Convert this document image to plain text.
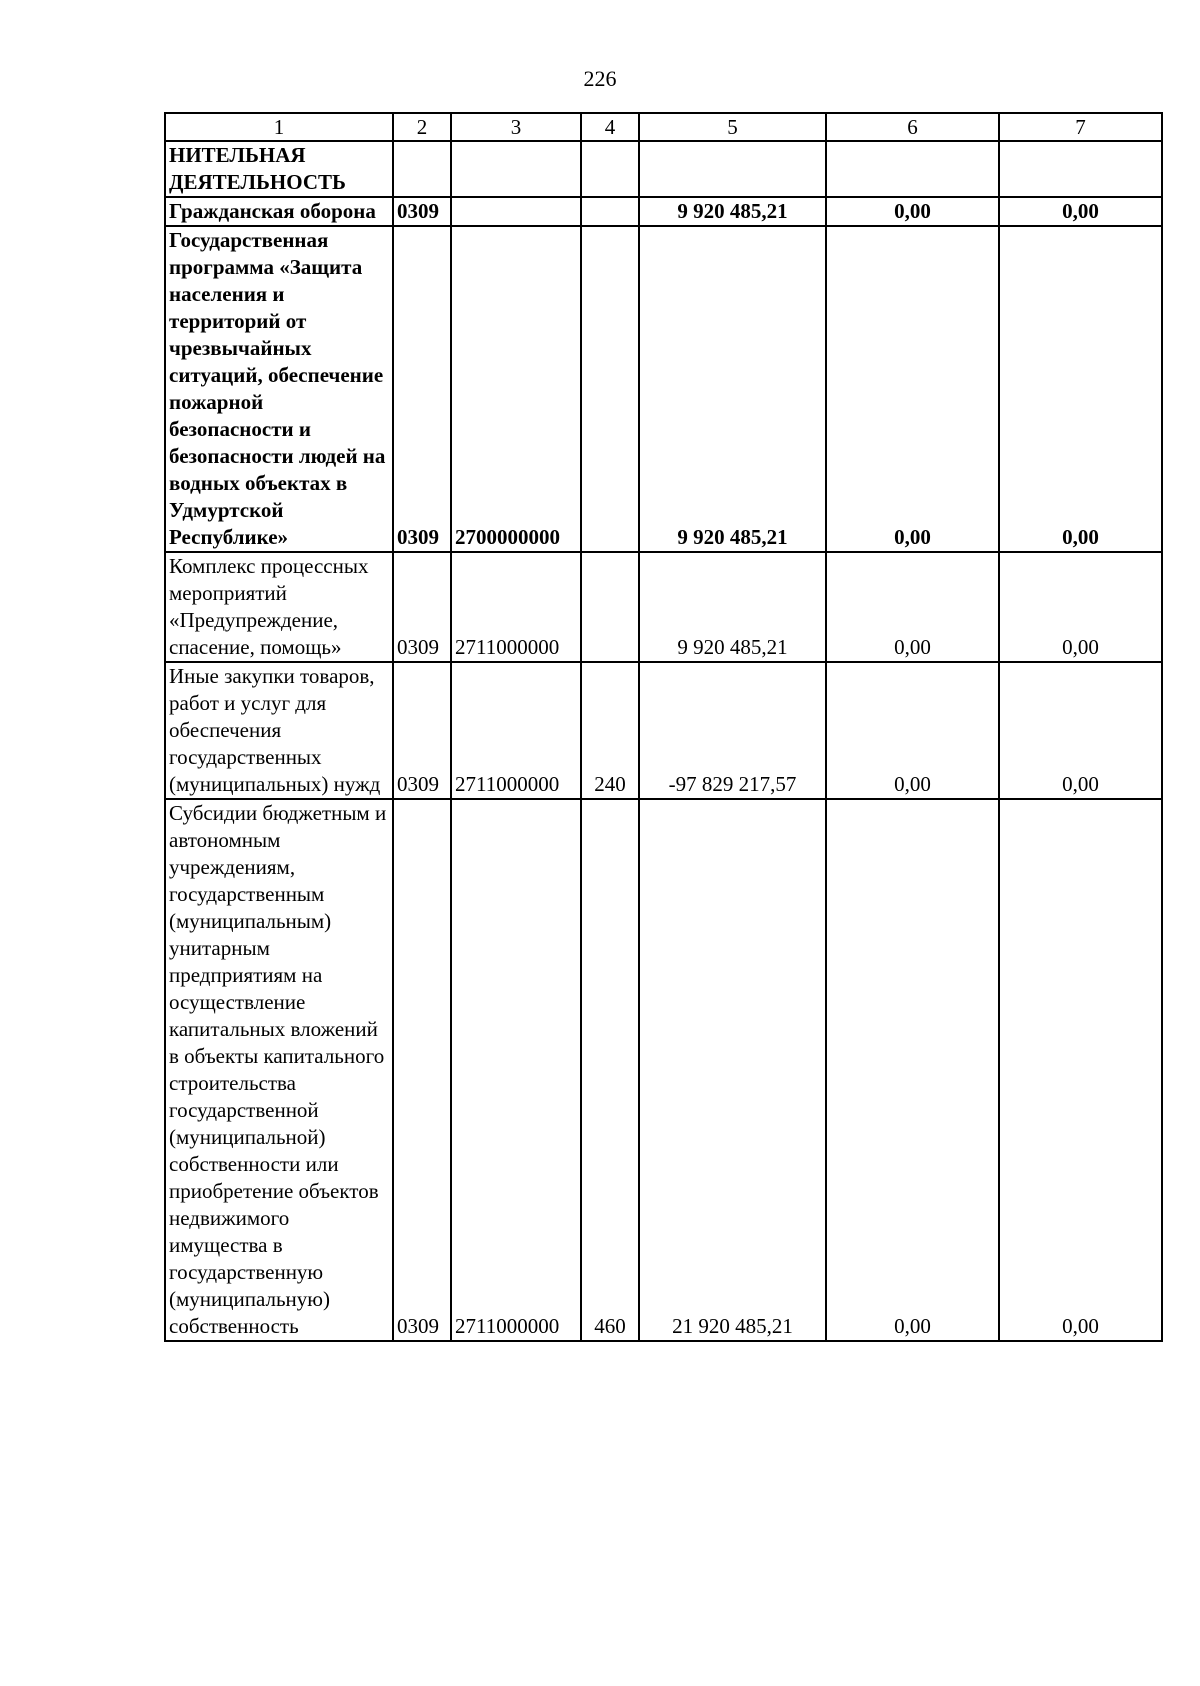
226
1	2	3	4	5	6	7
НИТЕЛЬНАЯ ДЕЯТЕЛЬНОСТЬ						
Гражданская оборона	0309			9 920 485,21	0,00	0,00
Государственная программа «Защита населения и территорий от чрезвычайных ситуаций, обеспечение пожарной безопасности и безопасности людей на водных объектах в Удмуртской Республике»	0309	2700000000		9 920 485,21	0,00	0,00
Комплекс процессных мероприятий «Предупреждение, спасение, помощь»	0309	2711000000		9 920 485,21	0,00	0,00
Иные закупки товаров, работ и услуг для обеспечения государственных (муниципальных) нужд	0309	2711000000	240	-97 829 217,57	0,00	0,00
Субсидии бюджетным и автономным учреждениям, государственным (муниципальным) унитарным предприятиям на осуществление капитальных вложений в объекты капитального строительства государственной (муниципальной) собственности или приобретение объектов недвижимого имущества в государственную (муниципальную) собственность	0309	2711000000	460	21 920 485,21	0,00	0,00
